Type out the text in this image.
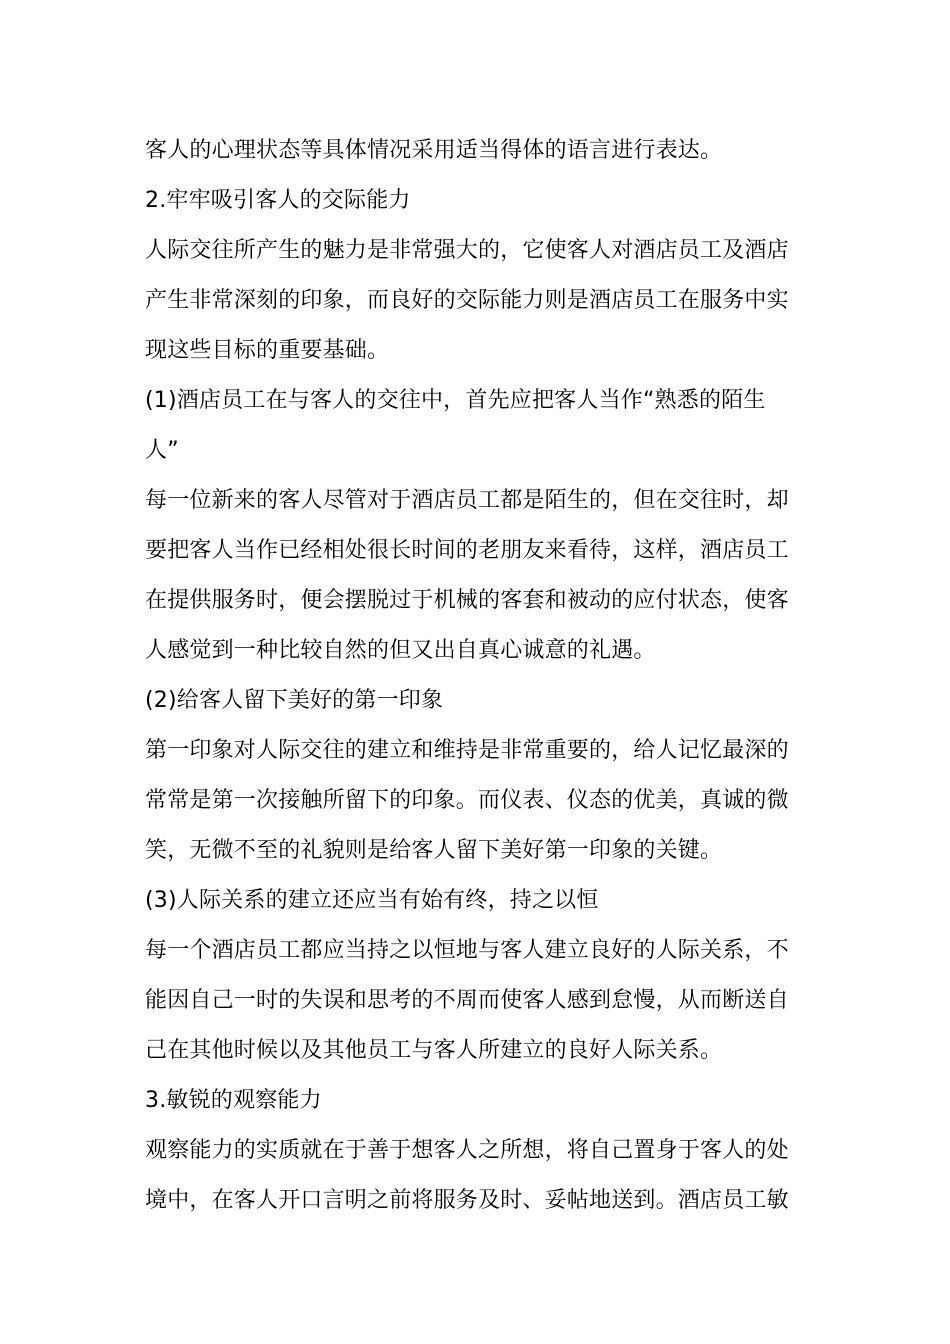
客人的心理状态等具体情况采用适当得体的语言进行表达。
2.牢牢吸引客人的交际能力
人际交往所产生的魅力是非常强大的，它使客人对酒店员工及酒店
产生非常深刻的印象，而良好的交际能力则是酒店员工在服务中实
现这些目标的重要基础。
(1)酒店员工在与客人的交往中，首先应把客人当作“熟悉的陌生
人”
每一位新来的客人尽管对于酒店员工都是陌生的，但在交往时，却
要把客人当作已经相处很长时间的老朋友来看待，这样，酒店员工
在提供服务时，便会摆脱过于机械的客套和被动的应付状态，使客
人感觉到一种比较自然的但又出自真心诚意的礼遇。
(2)给客人留下美好的第一印象
第一印象对人际交往的建立和维持是非常重要的，给人记忆最深的
常常是第一次接触所留下的印象。而仪表、仪态的优美，真诚的微
笑，无微不至的礼貌则是给客人留下美好第一印象的关键。
(3)人际关系的建立还应当有始有终，持之以恒
每一个酒店员工都应当持之以恒地与客人建立良好的人际关系，不
能因自己一时的失误和思考的不周而使客人感到怠慢，从而断送自
己在其他时候以及其他员工与客人所建立的良好人际关系。
3.敏锐的观察能力
观察能力的实质就在于善于想客人之所想，将自己置身于客人的处
境中，在客人开口言明之前将服务及时、妥帖地送到。酒店员工敏
